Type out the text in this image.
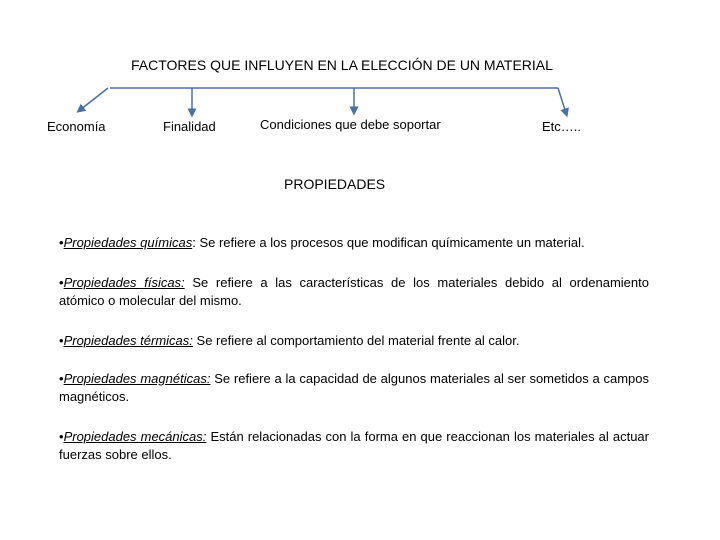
FACTORES QUE INFLUYEN EN LA ELECCIÓN DE UN MATERIAL
Economía	Finalidad	Condiciones que debe soportar	Etc…..
PROPIEDADES

•Propiedades químicas: Se refiere a los procesos que modifican químicamente un material.

•Propiedades físicas: Se refiere a las características de los materiales debido al ordenamiento atómico o molecular del mismo.

•Propiedades térmicas: Se refiere al comportamiento del material frente al calor.

•Propiedades magnéticas: Se refiere a la capacidad de algunos materiales al ser sometidos a campos magnéticos.

•Propiedades mecánicas: Están relacionadas con la forma en que reaccionan los materiales al actuar fuerzas sobre ellos.
